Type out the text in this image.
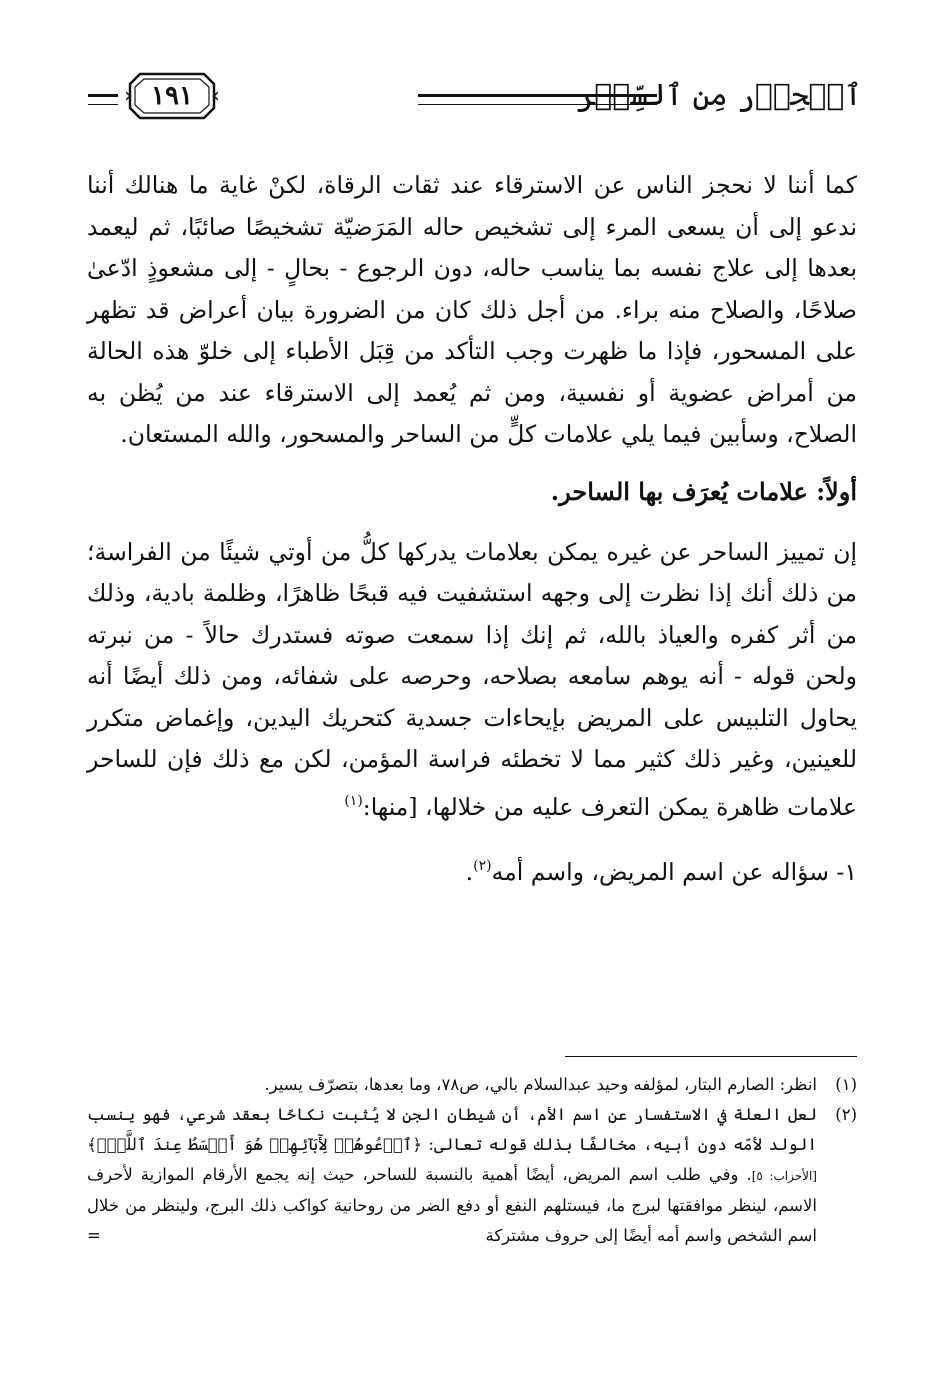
ٱلۡحِذۡر مِن ٱلسِّحۡر
١٩١

كما أننا لا نحجز الناس عن الاسترقاء عند ثقات الرقاة، لكنْ غاية ما هنالك أننا ندعو إلى أن يسعى المرء إلى تشخيص حاله المَرَضيّة تشخيصًا صائبًا، ثم ليعمد بعدها إلى علاج نفسه بما يناسب حاله، دون الرجوع - بحالٍ - إلى مشعوذٍ ادّعىٰ صلاحًا، والصلاح منه براء. من أجل ذلك كان من الضرورة بيان أعراض قد تظهر على المسحور، فإذا ما ظهرت وجب التأكد من قِبَل الأطباء إلى خلوّ هذه الحالة من أمراض عضوية أو نفسية، ومن ثم يُعمد إلى الاسترقاء عند من يُظن به الصلاح، وسأبين فيما يلي علامات كلٍّ من الساحر والمسحور، والله المستعان.

أولاً: علامات يُعرَف بها الساحر.

إن تمييز الساحر عن غيره يمكن بعلامات يدركها كلُّ من أوتي شيئًا من الفراسة؛ من ذلك أنك إذا نظرت إلى وجهه استشفيت فيه قبحًا ظاهرًا، وظلمة بادية، وذلك من أثر كفره والعياذ بالله، ثم إنك إذا سمعت صوته فستدرك حالاً - من نبرته ولحن قوله - أنه يوهم سامعه بصلاحه، وحرصه على شفائه، ومن ذلك أيضًا أنه يحاول التلبيس على المريض بإيحاءات جسدية كتحريك اليدين، وإغماض متكرر للعينين، وغير ذلك كثير مما لا تخطئه فراسة المؤمن، لكن مع ذلك فإن للساحر علامات ظاهرة يمكن التعرف عليه من خلالها، [منها:$^{(١)}$

١- سؤاله عن اسم المريض، واسم أمه$^{(٢)}$.

(١)
انظر: الصارم البتار، لمؤلفه وحيد عبدالسلام بالي، ص٧٨، وما بعدها، بتصرّف يسير.
(٢)
لعل العلة في الاستفسار عن اسم الأم، أن شيطان الجن لا يُثبت نكاحًا بعقد شرعي، فهو ينسب الولد لأمّه دون أبيه، مخالفًا بذلك قوله تعالى: ﴿ٱدۡعُوهُمۡ لِأٓبَآئِهِمۡ هُوَ أَقۡسَطُ عِندَ ٱللَّهِۚ﴾ [الأحزاب: ٥]. وفي طلب اسم المريض، أيضًا أهمية بالنسبة للساحر، حيث إنه يجمع الأرقام الموازية لأحرف الاسم، لينظر موافقتها لبرج ما، فيستلهم النفع أو دفع الضر من روحانية كواكب ذلك البرج، ولينظر من خلال اسم الشخص واسم أمه أيضًا إلى حروف مشتركة
=
